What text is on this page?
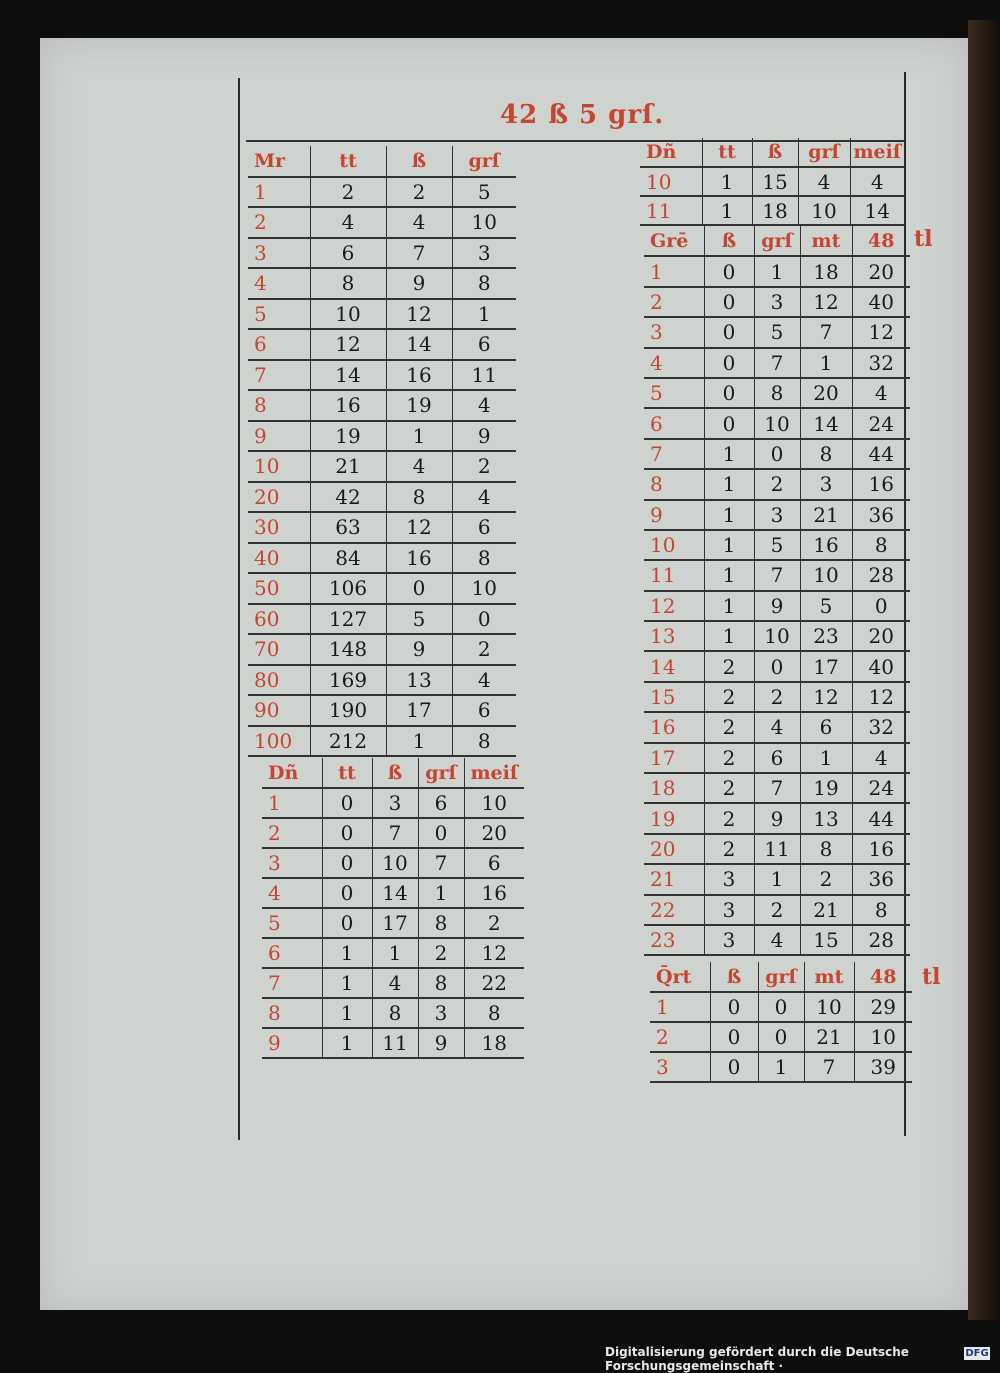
42 ß 5 grſ.
Mr	tt	ß	grſ
1	2	2	5
2	4	4	10
3	6	7	3
4	8	9	8
5	10	12	1
6	12	14	6
7	14	16	11
8	16	19	4
9	19	1	9
10	21	4	2
20	42	8	4
30	63	12	6
40	84	16	8
50	106	0	10
60	127	5	0
70	148	9	2
80	169	13	4
90	190	17	6
100	212	1	8
Dñ	tt	ß	grſ	meiſ
1	0	3	6	10
2	0	7	0	20
3	0	10	7	6
4	0	14	1	16
5	0	17	8	2
6	1	1	2	12
7	1	4	8	22
8	1	8	3	8
9	1	11	9	18
Dñ	tt	ß	grſ	meiſ
10	1	15	4	4
11	1	18	10	14
Grē	ß	grſ	mt	48
1	0	1	18	20
2	0	3	12	40
3	0	5	7	12
4	0	7	1	32
5	0	8	20	4
6	0	10	14	24
7	1	0	8	44
8	1	2	3	16
9	1	3	21	36
10	1	5	16	8
11	1	7	10	28
12	1	9	5	0
13	1	10	23	20
14	2	0	17	40
15	2	2	12	12
16	2	4	6	32
17	2	6	1	4
18	2	7	19	24
19	2	9	13	44
20	2	11	8	16
21	3	1	2	36
22	3	2	21	8
23	3	4	15	28
tl
Q̄rt	ß	grſ	mt	48
1	0	0	10	29
2	0	0	21	10
3	0	1	7	39
tl
Digitalisierung gefördert durch die Deutsche Forschungsgemeinschaft ·
DFG
